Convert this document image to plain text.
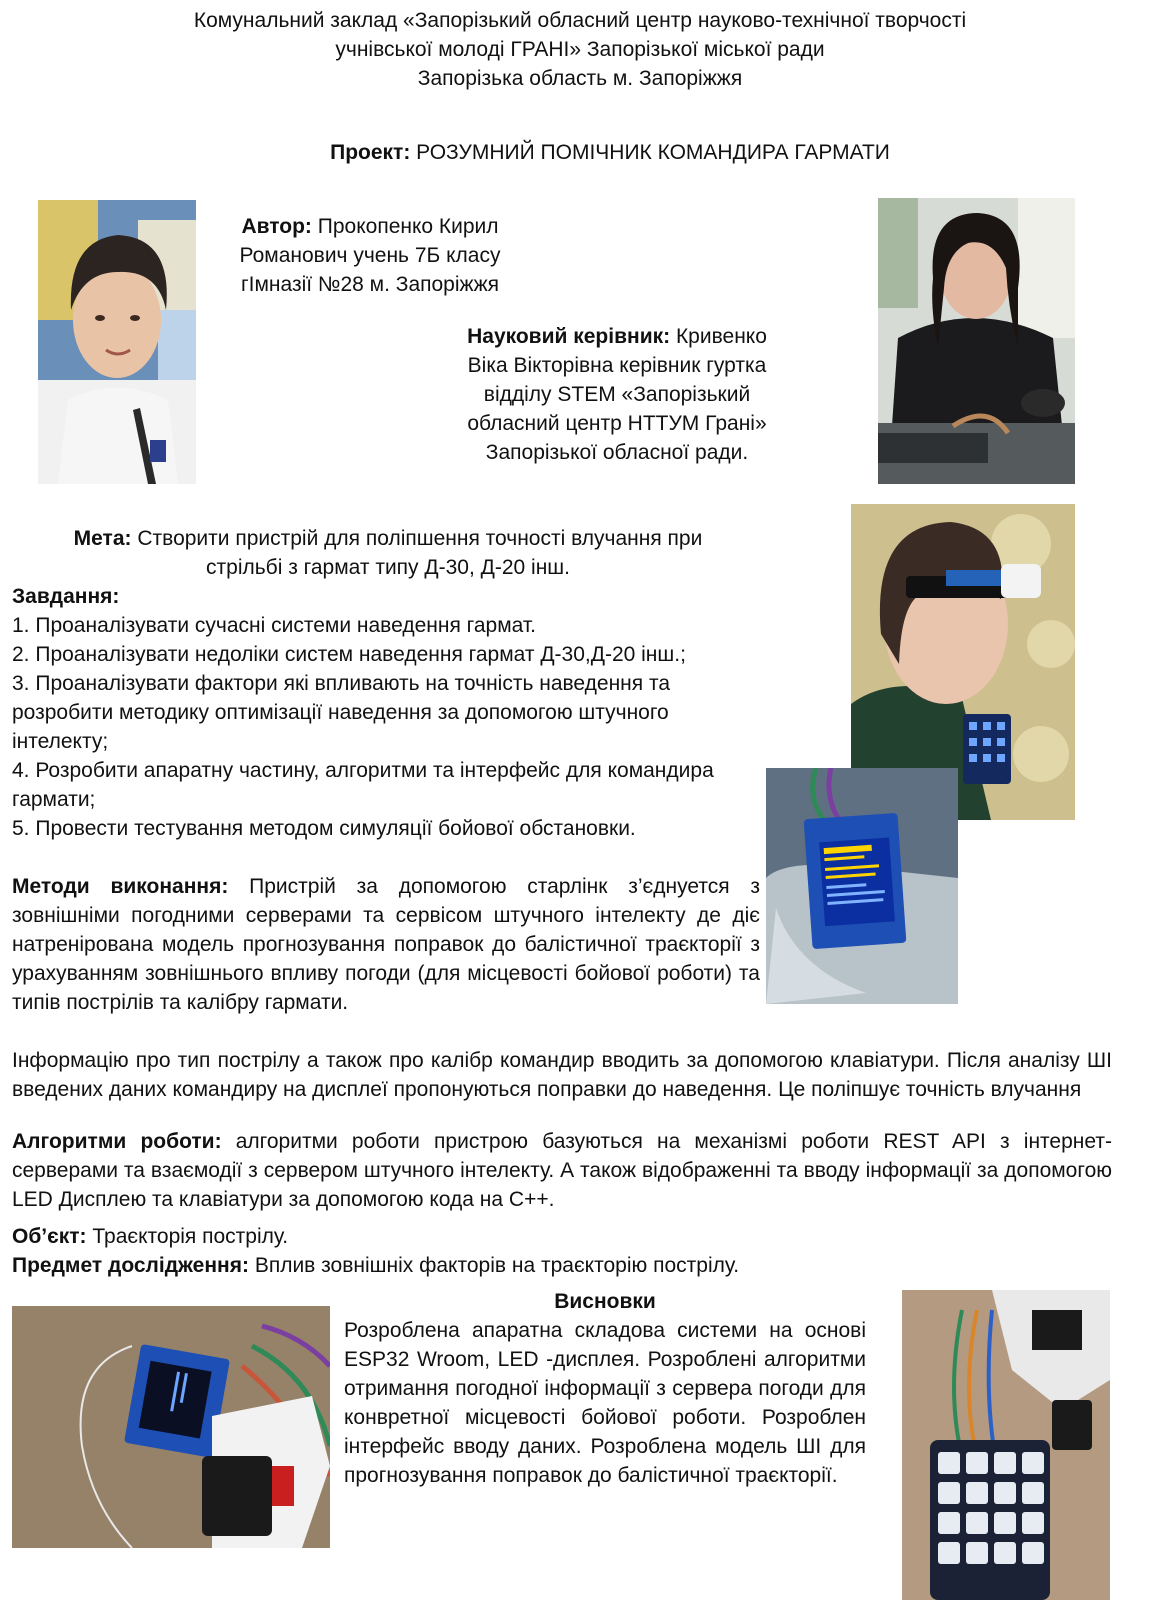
Комунальний заклад «Запорізький обласний центр науково-технічної творчості
учнівської молоді ГРАНІ» Запорізької міської ради
Запорізька область м. Запоріжжя
Проект: РОЗУМНИЙ ПОМІЧНИК КОМАНДИРА ГАРМАТИ
Автор: Прокопенко Кирил
Романович учень 7Б класу
гІмназії №28 м. Запоріжжя
Науковий керівник: Кривенко
Віка Вікторівна керівник гуртка
відділу STEM «Запорізький
обласний центр НТТУМ Грані»
Запорізької обласної ради.
Мета: Створити пристрій для поліпшення точності влучання при
стрільбі з гармат типу Д-30, Д-20 інш.
Завдання:
1. Проаналізувати сучасні системи наведення гармат.
2. Проаналізувати недоліки систем наведення гармат Д-30,Д-20 інш.;
3. Проаналізувати фактори які впливають на точність наведення та розробити методику оптимізації наведення за допомогою штучного інтелекту;
4. Розробити апаратну частину, алгоритми та інтерфейс для командира гармати;
5. Провести тестування методом симуляції бойової обстановки.
Методи виконання: Пристрій за допомогою старлінк з’єднуется з зовнішніми погодними серверами та сервісом штучного інтелекту де діє натренірована модель прогнозування поправок до балістичної траєкторії з урахуванням зовнішнього впливу погоди (для місцевості бойової роботи) та типів пострілів та калібру гармати.
Інформацію про тип пострілу а також про калібр командир вводить за допомогою клавіатури. Після аналізу ШІ введених даних командиру на дисплеї пропонуються поправки до наведення. Це поліпшує точність влучання
Алгоритми роботи: алгоритми роботи пристрою базуються на механізмі роботи REST API з інтернет-серверами та взаємодії з сервером штучного інтелекту. А також відображенні та вводу інформації за допомогою LED Дисплею та клавіатури за допомогою кода на С++.
Об’єкт: Траєкторія пострілу.
Предмет дослідження: Вплив зовнішніх факторів на траєкторію пострілу.
Висновки
Розроблена апаратна складова системи на основі ESP32 Wroom, LED -дисплея. Розроблені алгоритми отримання погодної інформації з сервера погоди для конвретної місцевості бойової роботи. Розроблен інтерфейс вводу даних. Розроблена модель ШІ для прогнозування поправок до балістичної траєкторії.
